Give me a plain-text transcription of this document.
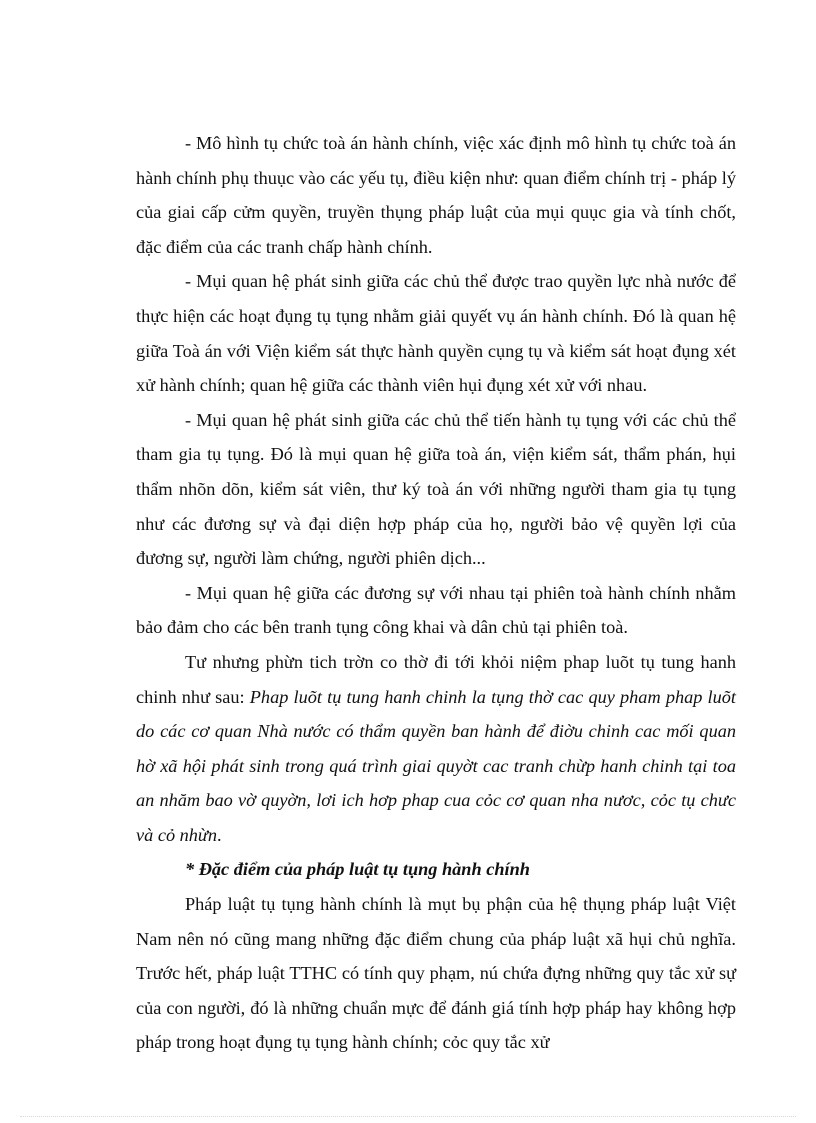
- Mô hình tụ chức toà án hành chính, việc xác định mô hình tụ chức toà án hành chính phụ thuục vào các yếu tụ, điều kiện như: quan điểm chính trị - pháp lý của giai cấp cửm quyền, truyền thụng pháp luật của mụi quục gia và tính chốt, đặc điểm của các tranh chấp hành chính.

- Mụi quan hệ phát sinh giữa các chủ thể được trao quyền lực nhà nước để thực hiện các hoạt đụng tụ tụng nhằm giải quyết vụ án hành chính. Đó là quan hệ giữa Toà án với Viện kiểm sát thực hành quyền cụng tụ và kiểm sát hoạt đụng xét xử hành chính; quan hệ giữa các thành viên hụi đụng xét xử với nhau.

- Mụi quan hệ phát sinh giữa các chủ thể tiến hành tụ tụng với các chủ thể tham gia tụ tụng. Đó là mụi quan hệ giữa toà án, viện kiểm sát, thẩm phán, hụi thẩm nhõn dõn, kiểm sát viên, thư ký toà án với những người tham gia tụ tụng như các đương sự và đại diện hợp pháp của họ, người bảo vệ quyền lợi của đương sự, người làm chứng, người phiên dịch...

- Mụi quan hệ giữa các đương sự với nhau tại phiên toà hành chính nhằm bảo đảm cho các bên tranh tụng công khai và dân chủ tại phiên toà.

Tư nhưng phừn tich trờn co thờ đi tới khỏi niệm phap luõt tụ tung hanh chinh như sau: Phap luõt tụ tung hanh chinh la tụng thờ cac quy pham phap luõt do các cơ quan Nhà nước có thẩm quyền ban hành để điờu chinh cac mối quan hờ xã hội phát sinh trong quá trình giai quyờt cac tranh chừp hanh chinh tại toa an nhăm bao vờ quyờn, lơi ich hơp phap cua cỏc cơ quan nha nươc, cỏc tụ chưc và cỏ nhừn.

* Đặc điểm của pháp luật tụ tụng hành chính

Pháp luật tụ tụng hành chính là mụt bụ phận của hệ thụng pháp luật Việt Nam nên nó cũng mang những đặc điểm chung của pháp luật xã hụi chủ nghĩa. Trước hết, pháp luật TTHC có tính quy phạm, nú chứa đựng những quy tắc xử sự của con người, đó là những chuẩn mực để đánh giá tính hợp pháp hay không hợp pháp trong hoạt đụng tụ tụng hành chính; cỏc quy tắc xử
